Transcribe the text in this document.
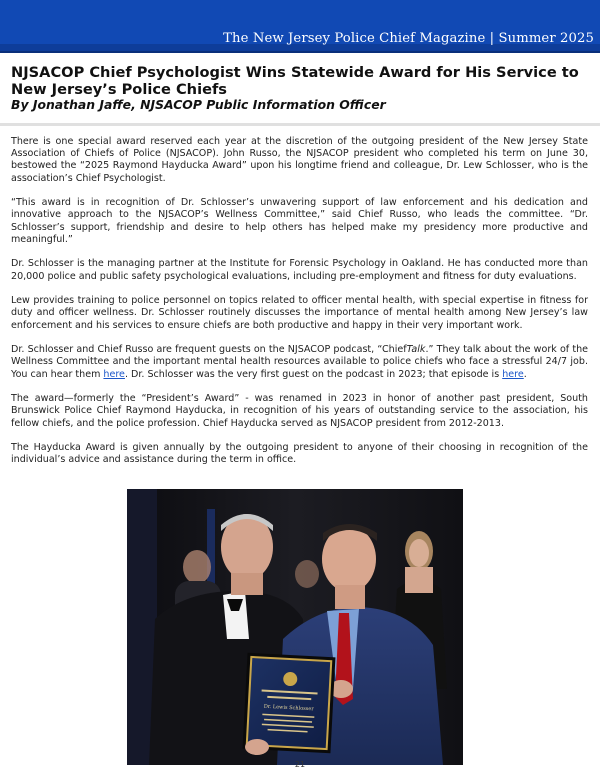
The New Jersey Police Chief Magazine | Summer 2025
NJSACOP Chief Psychologist Wins Statewide Award for His Service to New Jersey’s Police Chiefs
By Jonathan Jaffe, NJSACOP Public Information Officer

There is one special award reserved each year at the discretion of the outgoing president of the New Jersey State Association of Chiefs of Police (NJSACOP). John Russo, the NJSACOP president who completed his term on June 30, bestowed the “2025 Raymond Hayducka Award” upon his longtime friend and colleague, Dr. Lew Schlosser, who is the association’s Chief Psychologist.

“This award is in recognition of Dr. Schlosser’s unwavering support of law enforcement and his dedication and innovative approach to the NJSACOP’s Wellness Committee,” said Chief Russo, who leads the committee. “Dr. Schlosser’s support, friendship and desire to help others has helped make my presidency more productive and meaningful.”

Dr. Schlosser is the managing partner at the Institute for Forensic Psychology in Oakland. He has conducted more than 20,000 police and public safety psychological evaluations, including pre-employment and fitness for duty evaluations.

Lew provides training to police personnel on topics related to officer mental health, with special expertise in fitness for duty and officer wellness. Dr. Schlosser routinely discusses the importance of mental health among New Jersey’s law enforcement and his services to ensure chiefs are both productive and happy in their very important work.

Dr. Schlosser and Chief Russo are frequent guests on the NJSACOP podcast, “ChiefTalk.” They talk about the work of the Wellness Committee and the important mental health resources available to police chiefs who face a stressful 24/7 job. You can hear them here. Dr. Schlosser was the very first guest on the podcast in 2023; that episode is here.

The award—formerly the “President’s Award” - was renamed in 2023 in honor of another past president, South Brunswick Police Chief Raymond Hayducka, in recognition of his years of outstanding service to the association, his fellow chiefs, and the police profession. Chief Hayducka served as NJSACOP president from 2012-2013.

The Hayducka Award is given annually by the outgoing president to anyone of their choosing in recognition of the individual’s advice and assistance during the term in office.

Dr. Lewis Schlosser
21
